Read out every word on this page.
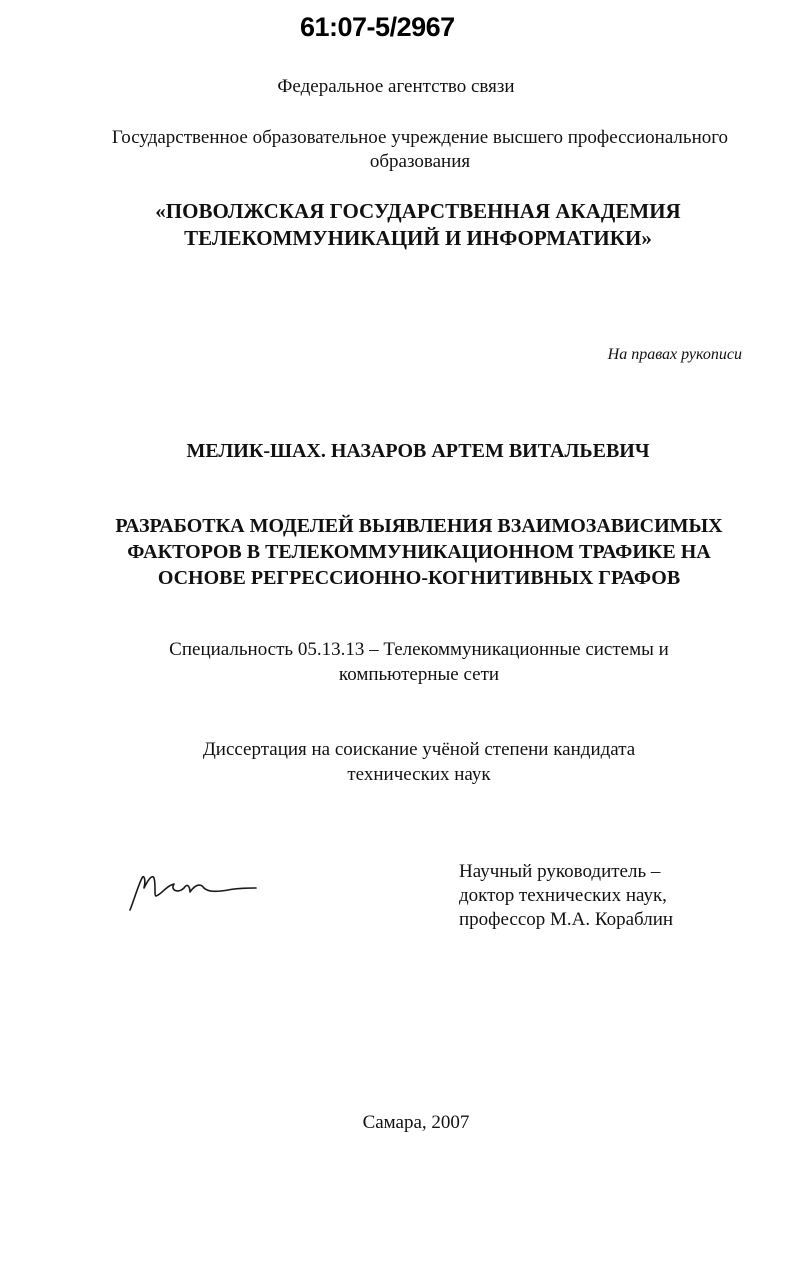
61:07-5/2967
Федеральное агентство связи
Государственное образовательное учреждение высшего профессионального
образования
«ПОВОЛЖСКАЯ ГОСУДАРСТВЕННАЯ АКАДЕМИЯ
ТЕЛЕКОММУНИКАЦИЙ И ИНФОРМАТИКИ»
На правах рукописи
МЕЛИК-ШАХ. НАЗАРОВ АРТЕМ ВИТАЛЬЕВИЧ
РАЗРАБОТКА МОДЕЛЕЙ ВЫЯВЛЕНИЯ ВЗАИМОЗАВИСИМЫХ
ФАКТОРОВ В ТЕЛЕКОММУНИКАЦИОННОМ ТРАФИКЕ НА
ОСНОВЕ РЕГРЕССИОННО-КОГНИТИВНЫХ ГРАФОВ
Специальность 05.13.13 – Телекоммуникационные системы и
компьютерные сети
Диссертация на соискание учёной степени кандидата
технических наук
Научный руководитель –
доктор технических наук,
профессор М.А. Кораблин
Самара, 2007
